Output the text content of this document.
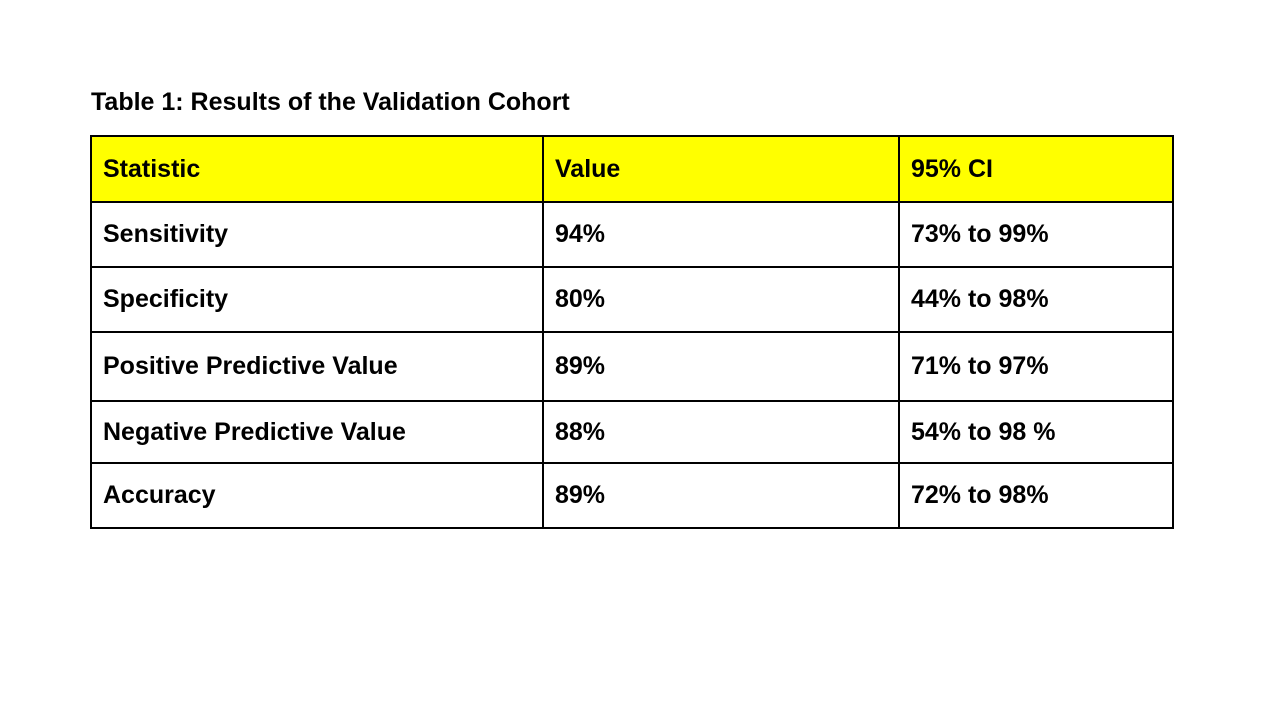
Table 1: Results of the Validation Cohort
Statistic	Value	95% CI
Sensitivity	94%	73% to 99%
Specificity	80%	44% to 98%
Positive Predictive Value	89%	71% to 97%
Negative Predictive Value	88%	54% to 98 %
Accuracy	89%	72% to 98%
